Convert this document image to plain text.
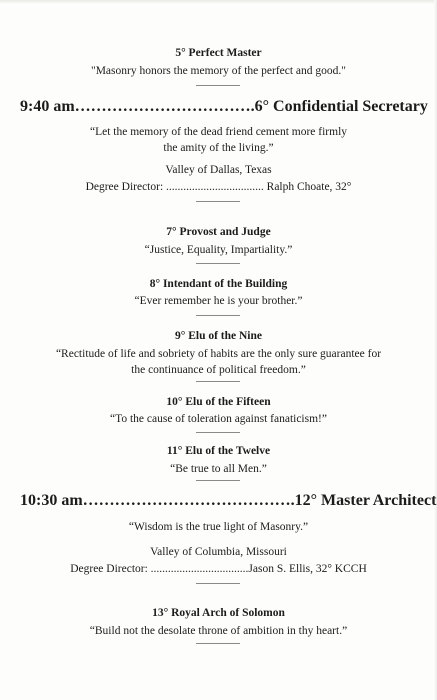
5° Perfect Master
"Masonry honors the memory of the perfect and good."
9:40 am…………………………….6° Confidential Secretary
“Let the memory of the dead friend cement more firmly
the amity of the living.”
Valley of Dallas, Texas
Degree Director: .................................. Ralph Choate, 32°
7° Provost and Judge
“Justice, Equality, Impartiality.”
8° Intendant of the Building
“Ever remember he is your brother.”
9° Elu of the Nine
“Rectitude of life and sobriety of habits are the only sure guarantee for
the continuance of political freedom.”
10° Elu of the Fifteen
“To the cause of toleration against fanaticism!”
11° Elu of the Twelve
“Be true to all Men.”
10:30 am………………………………….12° Master Architect
“Wisdom is the true light of Masonry.”
Valley of Columbia, Missouri
Degree Director: ..................................Jason S. Ellis, 32° KCCH
13° Royal Arch of Solomon
“Build not the desolate throne of ambition in thy heart.”
